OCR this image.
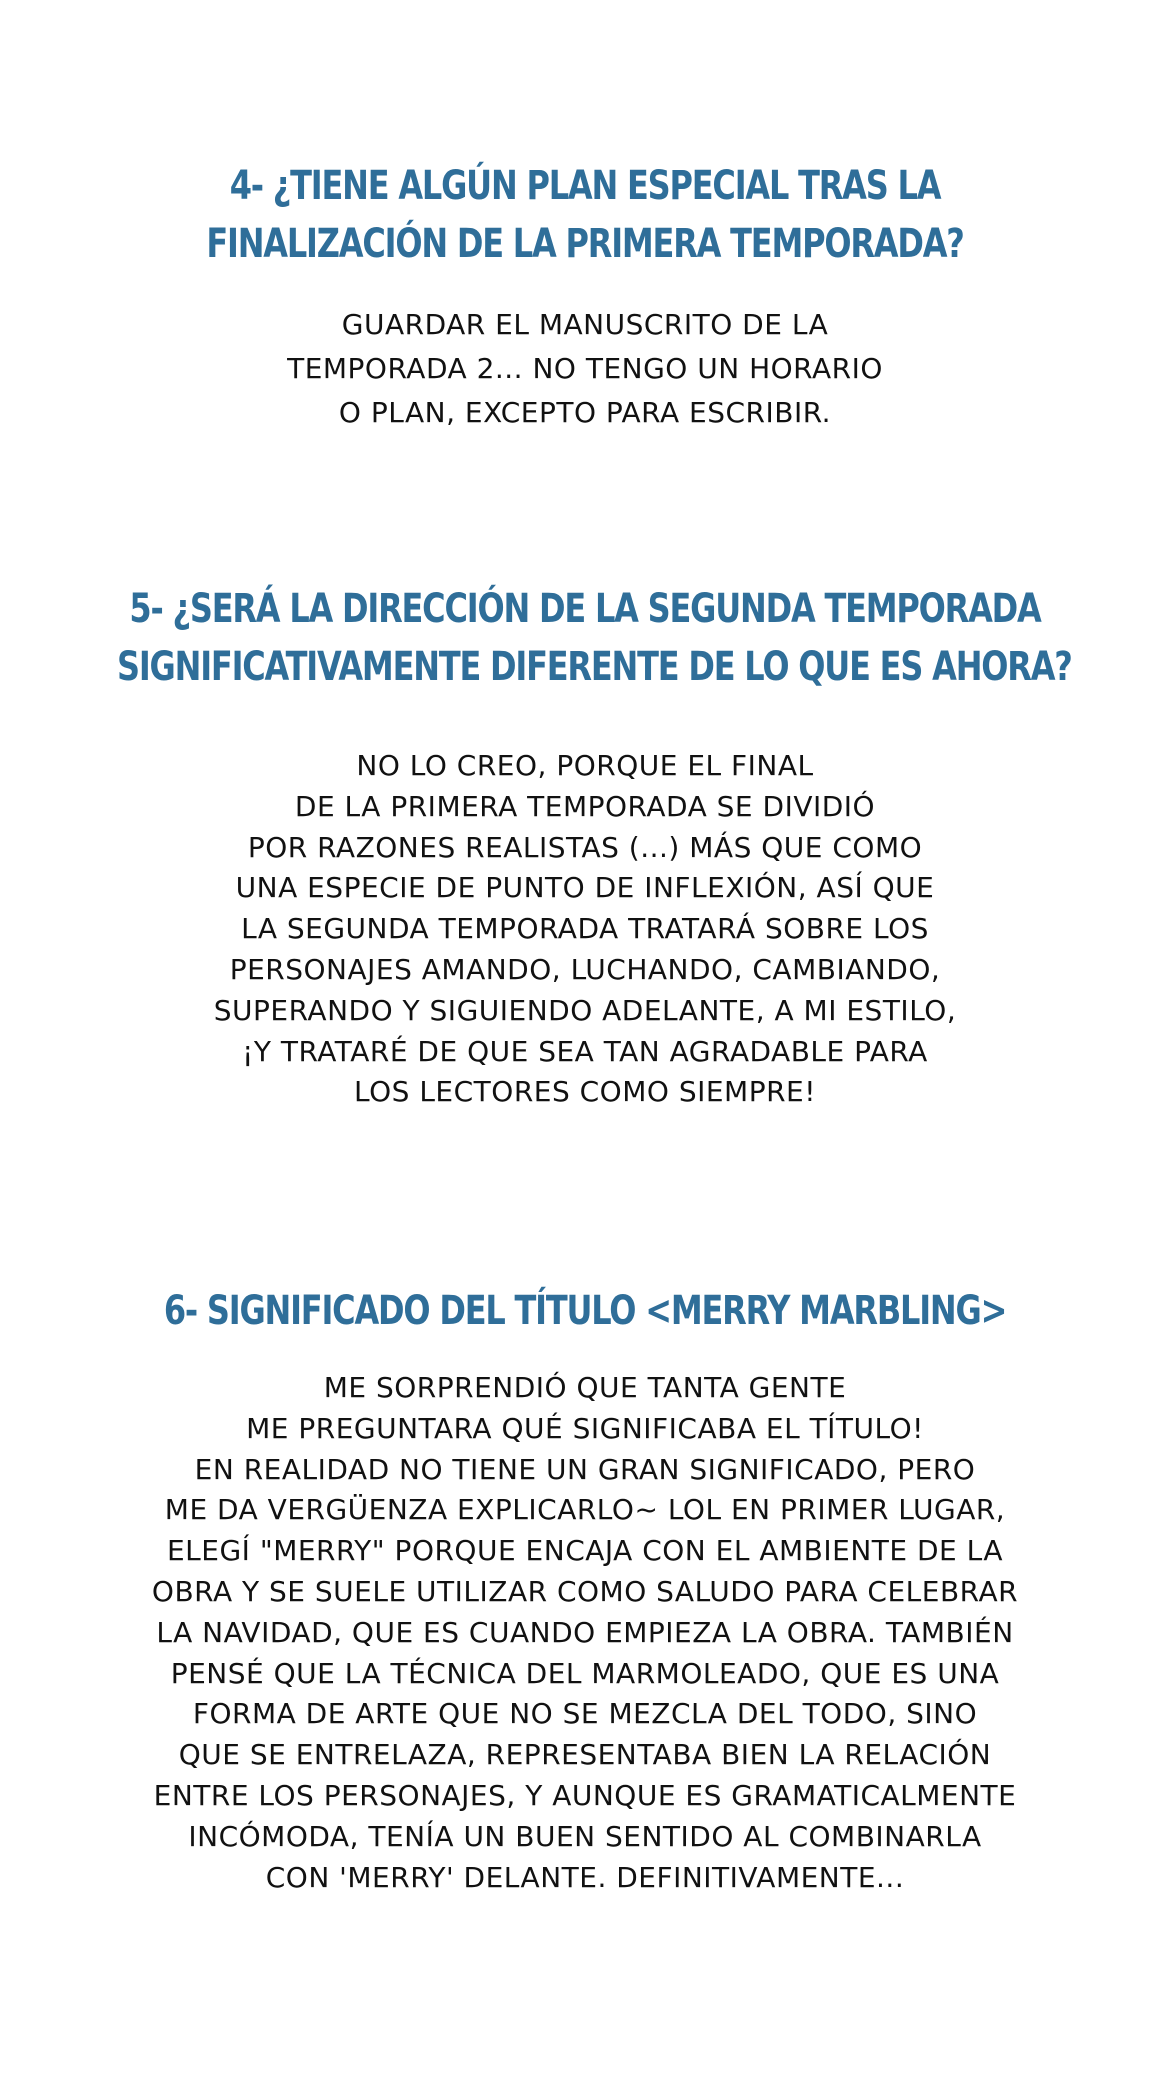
4- ¿TIENE ALGÚN PLAN ESPECIAL TRAS LA
FINALIZACIÓN DE LA PRIMERA TEMPORADA?
GUARDAR EL MANUSCRITO DE LA
TEMPORADA 2... NO TENGO UN HORARIO
O PLAN, EXCEPTO PARA ESCRIBIR.
5- ¿SERÁ LA DIRECCIÓN DE LA SEGUNDA TEMPORADA
SIGNIFICATIVAMENTE DIFERENTE DE LO QUE ES AHORA?
NO LO CREO, PORQUE EL FINAL
DE LA PRIMERA TEMPORADA SE DIVIDIÓ
POR RAZONES REALISTAS (...) MÁS QUE COMO
UNA ESPECIE DE PUNTO DE INFLEXIÓN, ASÍ QUE
LA SEGUNDA TEMPORADA TRATARÁ SOBRE LOS
PERSONAJES AMANDO, LUCHANDO, CAMBIANDO,
SUPERANDO Y SIGUIENDO ADELANTE, A MI ESTILO,
¡Y TRATARÉ DE QUE SEA TAN AGRADABLE PARA
LOS LECTORES COMO SIEMPRE!
6- SIGNIFICADO DEL TÍTULO <MERRY MARBLING>
ME SORPRENDIÓ QUE TANTA GENTE
ME PREGUNTARA QUÉ SIGNIFICABA EL TÍTULO!
EN REALIDAD NO TIENE UN GRAN SIGNIFICADO, PERO
ME DA VERGÜENZA EXPLICARLO~ LOL EN PRIMER LUGAR,
ELEGÍ "MERRY" PORQUE ENCAJA CON EL AMBIENTE DE LA
OBRA Y SE SUELE UTILIZAR COMO SALUDO PARA CELEBRAR
LA NAVIDAD, QUE ES CUANDO EMPIEZA LA OBRA. TAMBIÉN
PENSÉ QUE LA TÉCNICA DEL MARMOLEADO, QUE ES UNA
FORMA DE ARTE QUE NO SE MEZCLA DEL TODO, SINO
QUE SE ENTRELAZA, REPRESENTABA BIEN LA RELACIÓN
ENTRE LOS PERSONAJES, Y AUNQUE ES GRAMATICALMENTE
INCÓMODA, TENÍA UN BUEN SENTIDO AL COMBINARLA
CON 'MERRY' DELANTE. DEFINITIVAMENTE...
